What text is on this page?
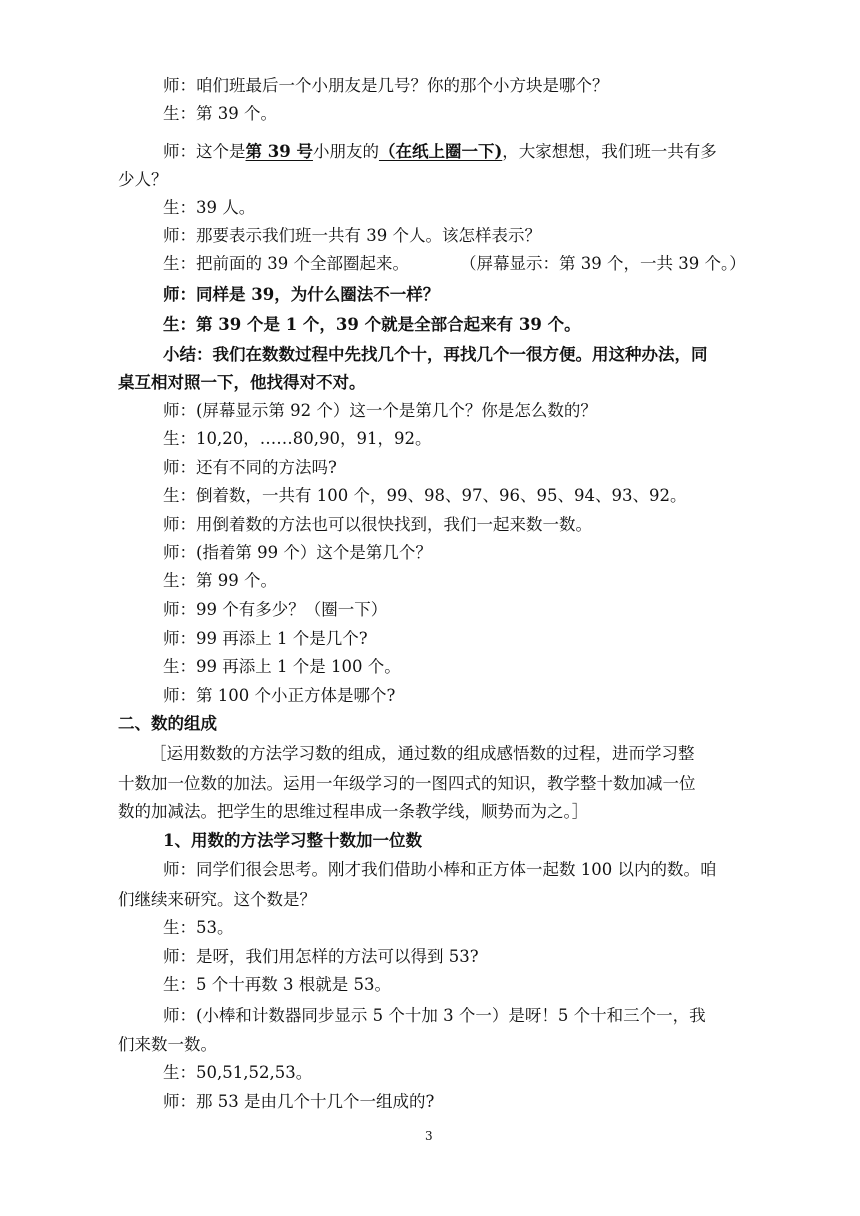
师：咱们班最后一个小朋友是几号？你的那个小方块是哪个？
生：第 39 个。
师：这个是第 39 号小朋友的（在纸上圈一下)，大家想想，我们班一共有多
少人？
生：39 人。
师：那要表示我们班一共有 39 个人。该怎样表示？
生：把前面的 39 个全部圈起来。	（屏幕显示：第 39 个，一共 39 个。）
师：同样是 39，为什么圈法不一样？
生：第 39 个是 1 个，39 个就是全部合起来有 39 个。
小结：我们在数数过程中先找几个十，再找几个一很方便。用这种办法，同
桌互相对照一下，他找得对不对。
师：(屏幕显示第 92 个）这一个是第几个？你是怎么数的？
生：10,20，……80,90，91，92。
师：还有不同的方法吗?
生：倒着数，一共有 100 个，99、98、97、96、95、94、93、92。
师：用倒着数的方法也可以很快找到，我们一起来数一数。
师：(指着第 99 个）这个是第几个？
生：第 99 个。
师：99 个有多少？（圈一下）
师：99 再添上 1 个是几个?
生：99 再添上 1 个是 100 个。
师：第 100 个小正方体是哪个?
二、数的组成
［运用数数的方法学习数的组成，通过数的组成感悟数的过程，进而学习整
十数加一位数的加法。运用一年级学习的一图四式的知识，教学整十数加减一位
数的加减法。把学生的思维过程串成一条教学线，顺势而为之。］
1、用数的方法学习整十数加一位数
师：同学们很会思考。刚才我们借助小棒和正方体一起数 100 以内的数。咱
们继续来研究。这个数是？
生：53。
师：是呀，我们用怎样的方法可以得到 53?
生：5 个十再数 3 根就是 53。
师：(小棒和计数器同步显示 5 个十加 3 个一）是呀！5 个十和三个一，我
们来数一数。
生：50,51,52,53。
师：那 53 是由几个十几个一组成的?
3
